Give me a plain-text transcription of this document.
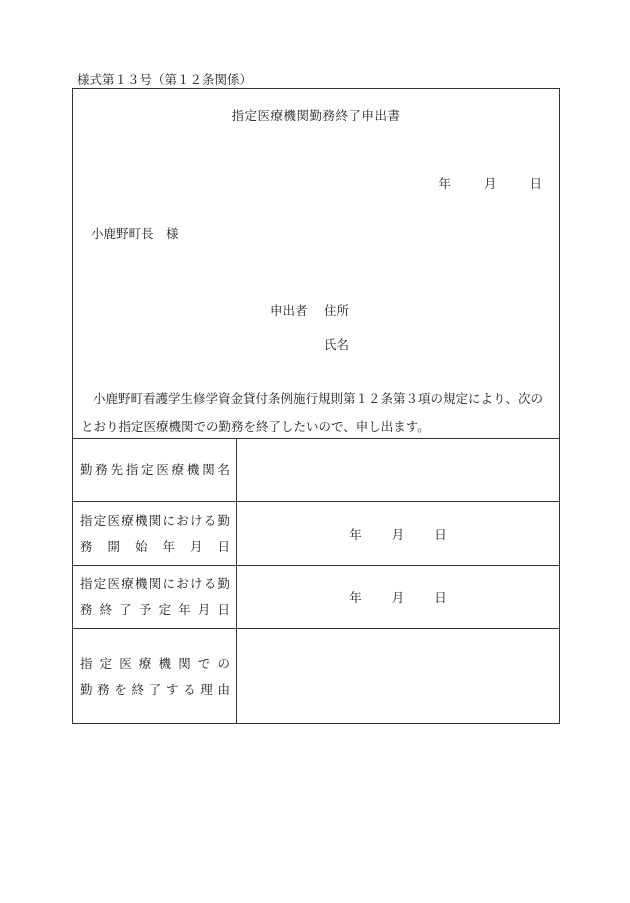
様式第１３号（第１２条関係）
指定医療機関勤務終了申出書
年	月	日
小鹿野町長　様
申出者 住所
氏名
小鹿野町看護学生修学資金貸付条例施行規則第１２条第３項の規定により、次のとおり指定医療機関での勤務を終了したいので、申し出ます。
勤務先指定医療機関名
指定医療機関における勤
務開始年月日
年 月 日
指定医療機関における勤
務終了予定年月日
年 月 日
指定医療機関での
勤務を終了する理由
